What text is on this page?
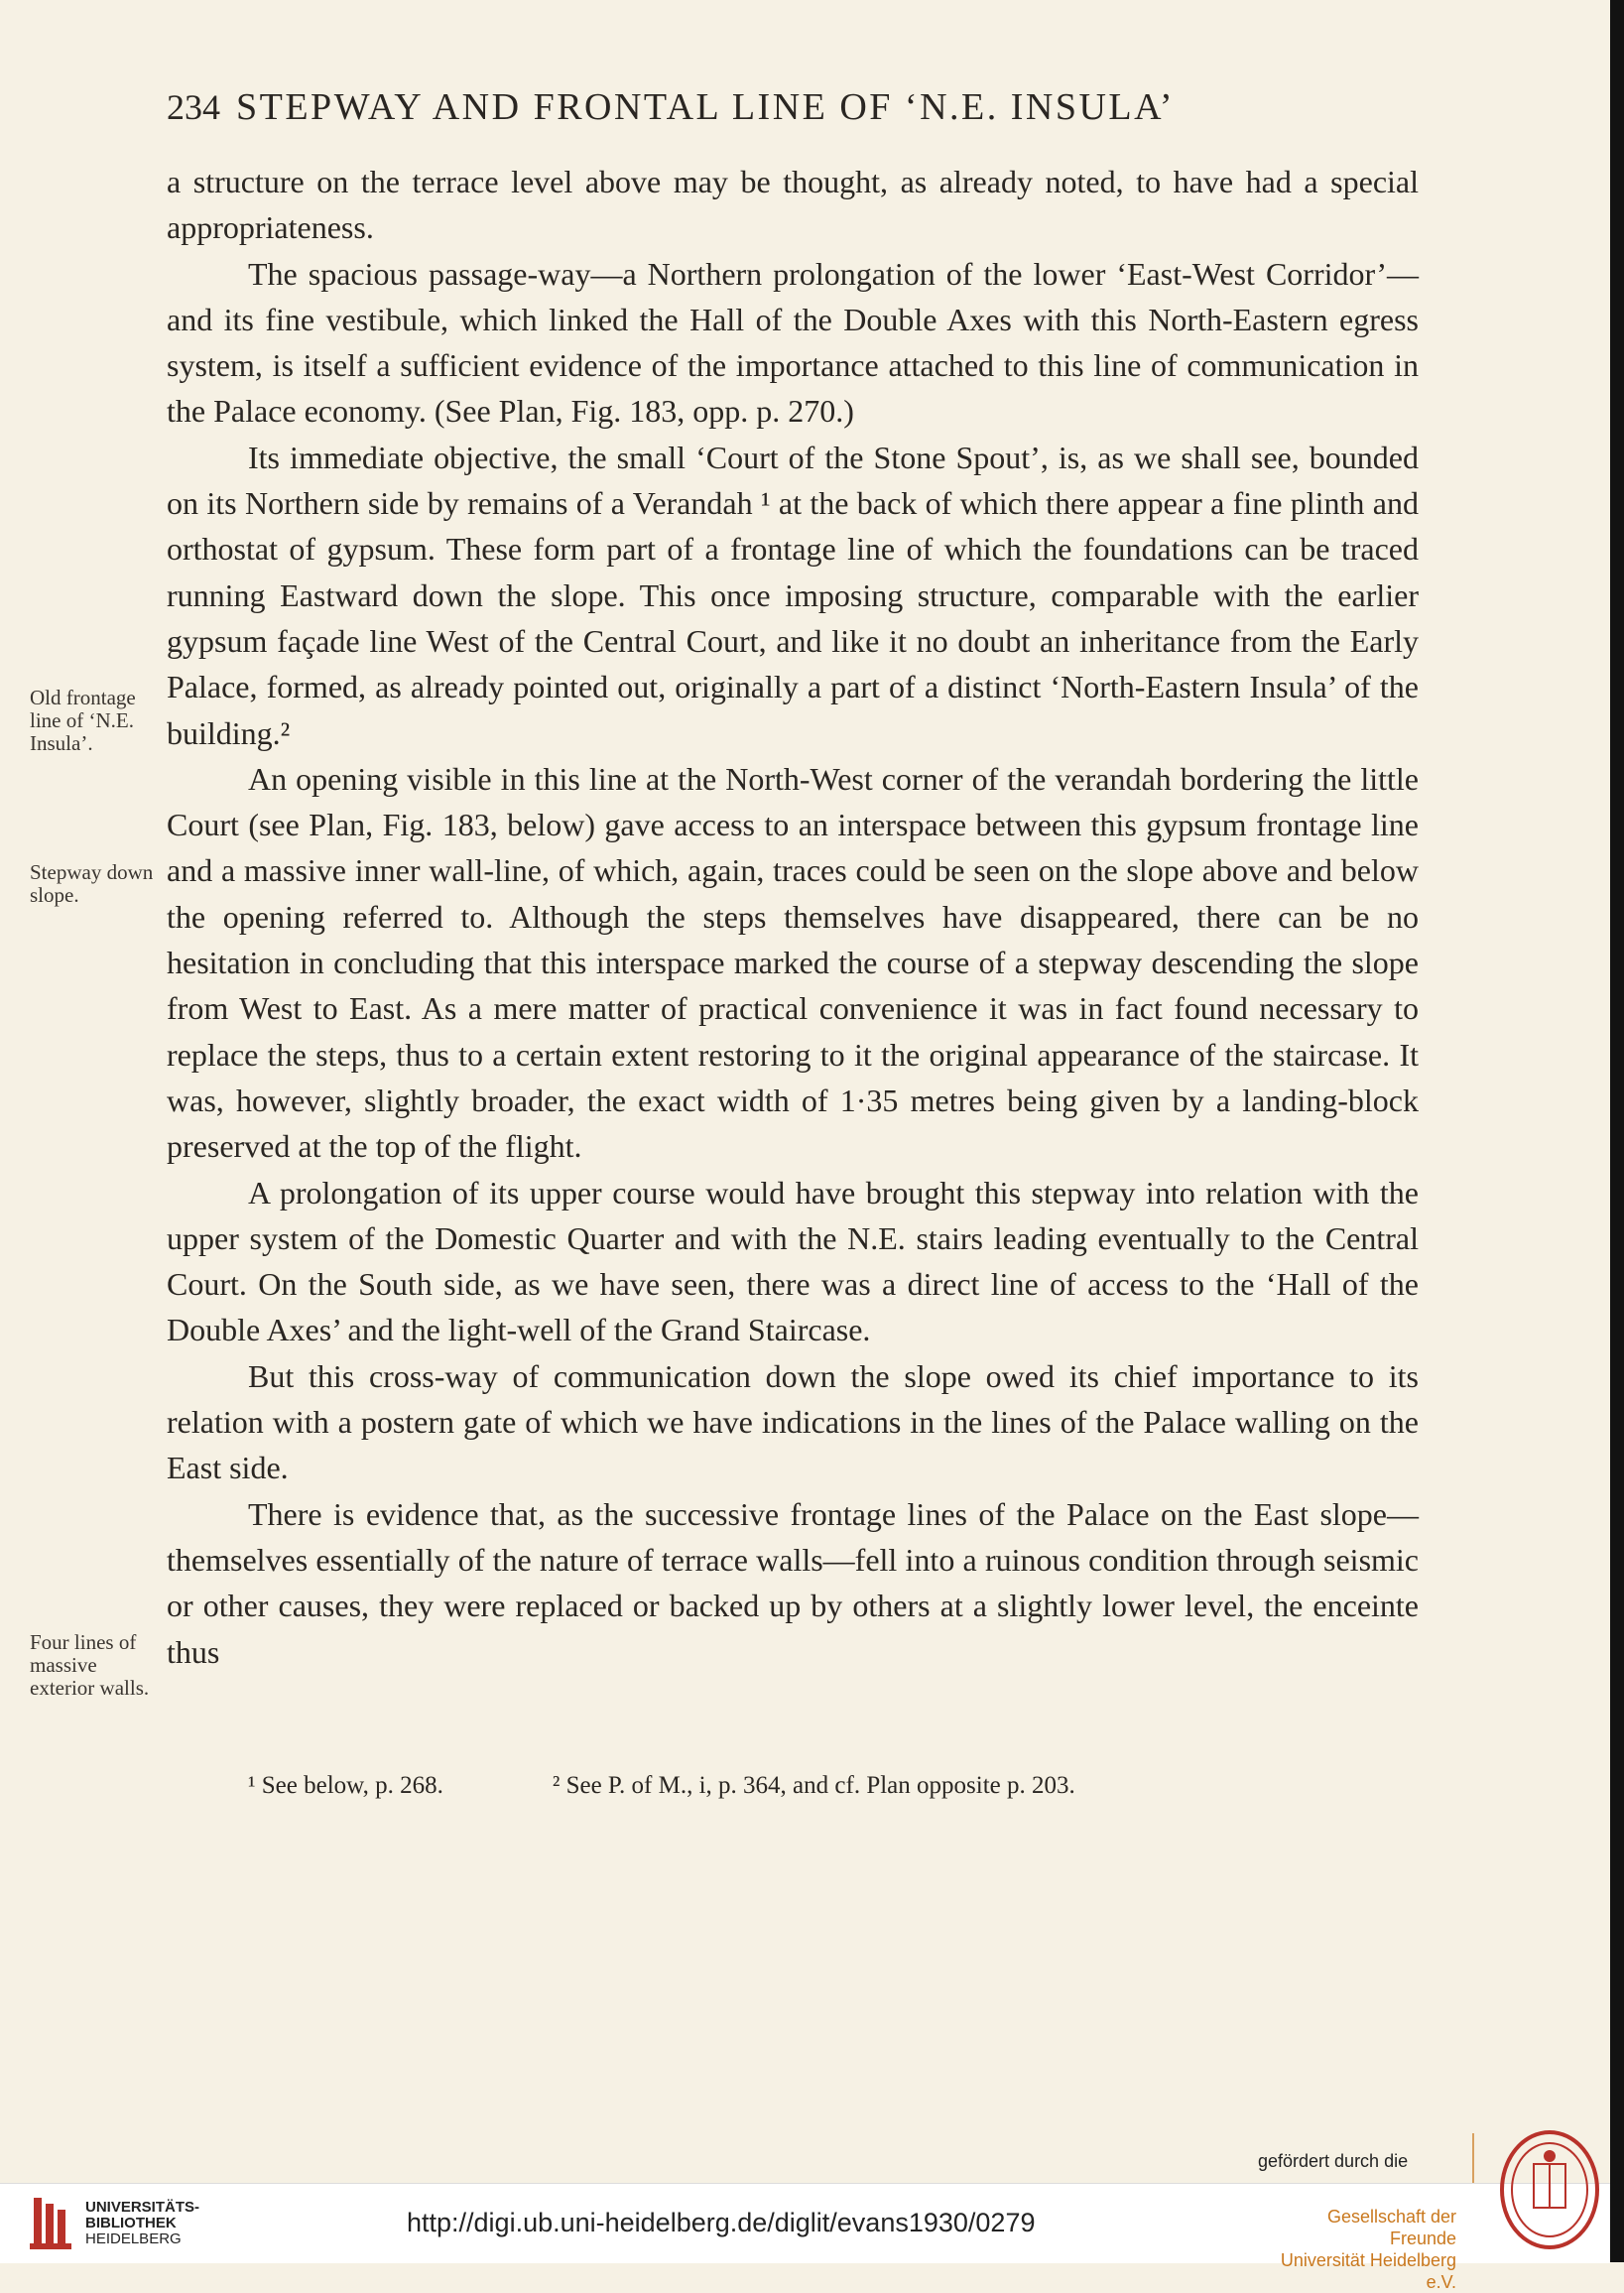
234 STEPWAY AND FRONTAL LINE OF ‘N.E. INSULA’

a structure on the terrace level above may be thought, as already noted, to have had a special appropriateness.

The spacious passage-way—a Northern prolongation of the lower ‘East-West Corridor’—and its fine vestibule, which linked the Hall of the Double Axes with this North-Eastern egress system, is itself a sufficient evidence of the importance attached to this line of communication in the Palace economy. (See Plan, Fig. 183, opp. p. 270.)

Its immediate objective, the small ‘Court of the Stone Spout’, is, as we shall see, bounded on its Northern side by remains of a Verandah ¹ at the back of which there appear a fine plinth and orthostat of gypsum. These form part of a frontage line of which the foundations can be traced running Eastward down the slope. This once imposing structure, comparable with the earlier gypsum façade line West of the Central Court, and like it no doubt an inheritance from the Early Palace, formed, as already pointed out, originally a part of a distinct ‘North-Eastern Insula’ of the building.²

An opening visible in this line at the North-West corner of the verandah bordering the little Court (see Plan, Fig. 183, below) gave access to an interspace between this gypsum frontage line and a massive inner wall-line, of which, again, traces could be seen on the slope above and below the opening referred to. Although the steps themselves have disappeared, there can be no hesitation in concluding that this interspace marked the course of a stepway descending the slope from West to East. As a mere matter of practical convenience it was in fact found necessary to replace the steps, thus to a certain extent restoring to it the original appearance of the staircase. It was, however, slightly broader, the exact width of 1·35 metres being given by a landing-block preserved at the top of the flight.

A prolongation of its upper course would have brought this stepway into relation with the upper system of the Domestic Quarter and with the N.E. stairs leading eventually to the Central Court. On the South side, as we have seen, there was a direct line of access to the ‘Hall of the Double Axes’ and the light-well of the Grand Staircase.

But this cross-way of communication down the slope owed its chief importance to its relation with a postern gate of which we have indications in the lines of the Palace walling on the East side.

There is evidence that, as the successive frontage lines of the Palace on the East slope—themselves essentially of the nature of terrace walls—fell into a ruinous condition through seismic or other causes, they were replaced or backed up by others at a slightly lower level, the enceinte thus

Old frontage line of ‘N.E. Insula’.
Stepway down slope.
Four lines of massive exterior walls.
¹ See below, p. 268.	² See P. of M., i, p. 364, and cf. Plan opposite p. 203.
gefördert durch die
UNIVERSITÄTS-
BIBLIOTHEK
HEIDELBERG
http://digi.ub.uni-heidelberg.de/diglit/evans1930/0279	Gesellschaft der Freunde
Universität Heidelberg e.V.
